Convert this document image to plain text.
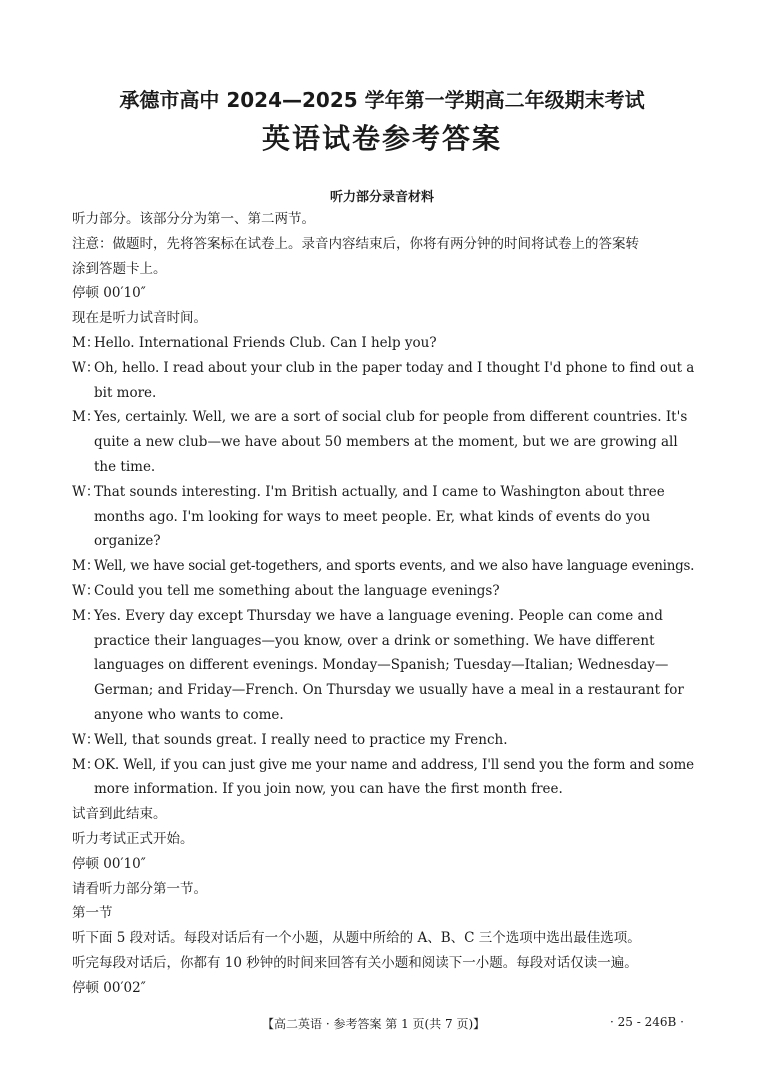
承德市高中 2024—2025 学年第一学期高二年级期末考试
英语试卷参考答案
听力部分录音材料
听力部分。该部分分为第一、第二两节。
注意：做题时，先将答案标在试卷上。录音内容结束后，你将有两分钟的时间将试卷上的答案转
涂到答题卡上。
停顿 00′10″
现在是听力试音时间。
M：
Hello. International Friends Club. Can I help you?
W：
Oh, hello. I read about your club in the paper today and I thought I'd phone to find out a
bit more.
M：
Yes, certainly. Well, we are a sort of social club for people from different countries. It's
quite a new club—we have about 50 members at the moment, but we are growing all
the time.
W：
That sounds interesting. I'm British actually, and I came to Washington about three
months ago. I'm looking for ways to meet people. Er, what kinds of events do you
organize?
M：
Well, we have social get-togethers, and sports events, and we also have language evenings.
W：
Could you tell me something about the language evenings?
M：
Yes. Every day except Thursday we have a language evening. People can come and
practice their languages—you know, over a drink or something. We have different
languages on different evenings. Monday—Spanish; Tuesday—Italian; Wednesday—
German; and Friday—French. On Thursday we usually have a meal in a restaurant for
anyone who wants to come.
W：
Well, that sounds great. I really need to practice my French.
M：
OK. Well, if you can just give me your name and address, I'll send you the form and some
more information. If you join now, you can have the first month free.
试音到此结束。
听力考试正式开始。
停顿 00′10″
请看听力部分第一节。
第一节
听下面 5 段对话。每段对话后有一个小题，从题中所给的 A、B、C 三个选项中选出最佳选项。
听完每段对话后，你都有 10 秒钟的时间来回答有关小题和阅读下一小题。每段对话仅读一遍。
停顿 00′02″
【高二英语 · 参考答案 第 1 页(共 7 页)】	· 25 - 246B ·
